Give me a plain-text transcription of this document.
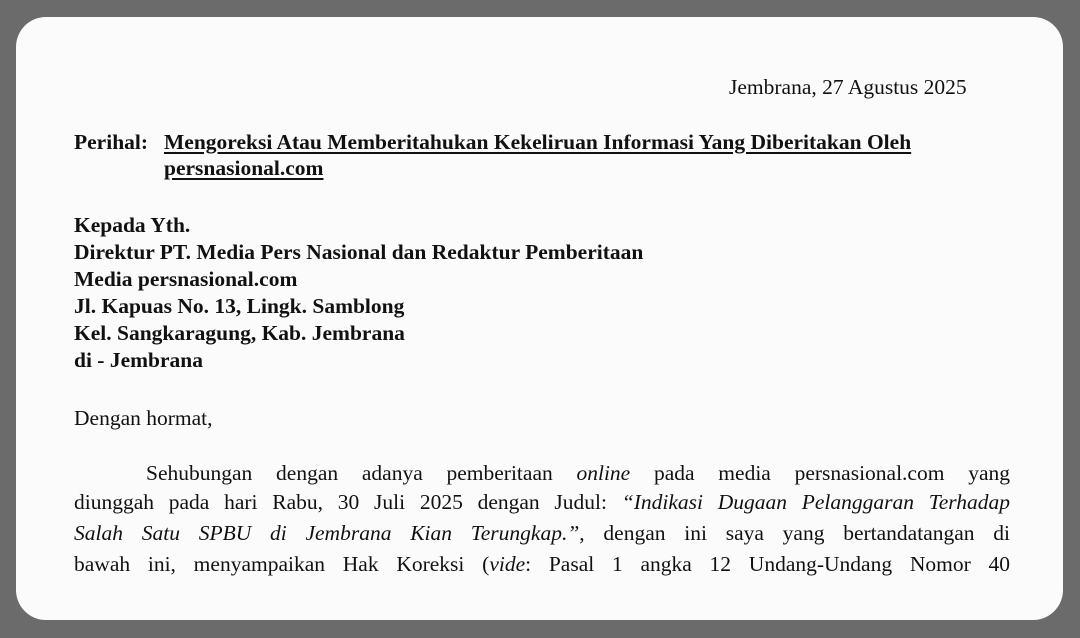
Jembrana, 27 Agustus 2025

Perihal: Mengoreksi Atau Memberitahukan Kekeliruan Informasi Yang Diberitakan Oleh

persnasional.com

Kepada Yth.

Direktur PT. Media Pers Nasional dan Redaktur Pemberitaan

Media persnasional.com

Jl. Kapuas No. 13, Lingk. Samblong

Kel. Sangkaragung, Kab. Jembrana

di - Jembrana

Dengan hormat,

Sehubungan dengan adanya pemberitaan online pada media persnasional.com yang
diunggah pada hari Rabu, 30 Juli 2025 dengan Judul: “Indikasi Dugaan Pelanggaran Terhadap
Salah Satu SPBU di Jembrana Kian Terungkap.”, dengan ini saya yang bertandatangan di
bawah ini, menyampaikan Hak Koreksi (vide: Pasal 1 angka 12 Undang-Undang Nomor 40
